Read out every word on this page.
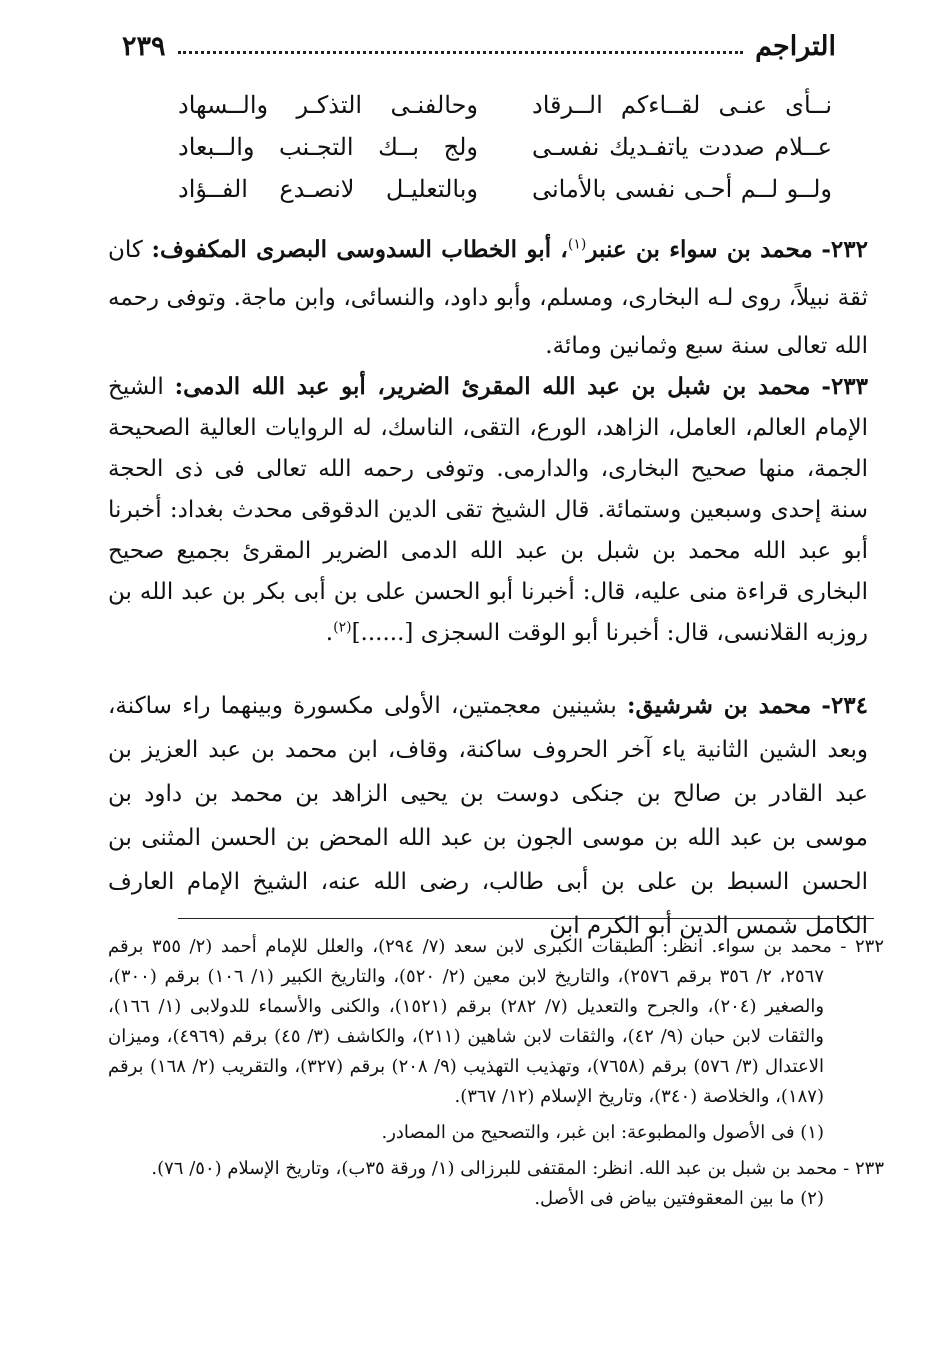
التراجم
٢٣٩
نــأى عنـى لقــاءكم الــرقاد
وحالفنـى التذكـر والــسهاد
عــلام صددت ياتفـديك نفسـى
ولج بــك التجـنب والــبعاد
ولــو لــم أحـى نفسى بالأمانى
وبالتعليـل لانصـدع الفــؤاد

٢٣٢- محمد بن سواء بن عنبر$^{(١)}$، أبو الخطاب السدوسى البصرى المكفوف: كان ثقة نبيلاً، روى لـه البخارى، ومسلم، وأبو داود، والنسائى، وابن ماجة. وتوفى رحمه الله تعالى سنة سبع وثمانين ومائة.

٢٣٣- محمد بن شبل بن عبد الله المقرئ الضرير، أبو عبد الله الدمى: الشيخ الإمام العالم، العامل، الزاهد، الورع، التقى، الناسك، له الروايات العالية الصحيحة الجمة، منها صحيح البخارى، والدارمى. وتوفى رحمه الله تعالى فى ذى الحجة سنة إحدى وسبعين وستمائة. قال الشيخ تقى الدين الدقوقى محدث بغداد: أخبرنا أبو عبد الله محمد بن شبل بن عبد الله الدمى الضرير المقرئ بجميع صحيح البخارى قراءة منى عليه، قال: أخبرنا أبو الحسن على بن أبى بكر بن عبد الله بن روزبه القلانسى، قال: أخبرنا أبو الوقت السجزى [......]$^{(٢)}$.

٢٣٤- محمد بن شرشيق: بشينين معجمتين، الأولى مكسورة وبينهما راء ساكنة، وبعد الشين الثانية ياء آخر الحروف ساكنة، وقاف، ابن محمد بن عبد العزيز بن عبد القادر بن صالح بن جنكى دوست بن يحيى الزاهد بن محمد بن داود بن موسى بن عبد الله بن موسى الجون بن عبد الله المحض بن الحسن المثنى بن الحسن السبط بن على بن أبى طالب، رضى الله عنه، الشيخ الإمام العارف الكامل شمس الدين أبو الكرم ابن

٢٣٢ - محمد بن سواء. انظر: الطبقات الكبرى لابن سعد (٧/ ٢٩٤)، والعلل للإمام أحمد (٢/ ٣٥٥ برقم ٢٥٦٧، ٢/ ٣٥٦ برقم ٢٥٧٦)، والتاريخ لابن معين (٢/ ٥٢٠)، والتاريخ الكبير (١/ ١٠٦) برقم (٣٠٠)، والصغير (٢٠٤)، والجرح والتعديل (٧/ ٢٨٢) برقم (١٥٢١)، والكنى والأسماء للدولابى (١/ ١٦٦)، والثقات لابن حبان (٩/ ٤٢)، والثقات لابن شاهين (٢١١)، والكاشف (٣/ ٤٥) برقم (٤٩٦٩)، وميزان الاعتدال (٣/ ٥٧٦) برقم (٧٦٥٨)، وتهذيب التهذيب (٩/ ٢٠٨) برقم (٣٢٧)، والتقريب (٢/ ١٦٨) برقم (١٨٧)، والخلاصة (٣٤٠)، وتاريخ الإسلام (١٢/ ٣٦٧).

(١) فى الأصول والمطبوعة: ابن غبر، والتصحيح من المصادر.

٢٣٣ - محمد بن شبل بن عبد الله. انظر: المقتفى للبرزالى (١/ ورقة ٣٥ب)، وتاريخ الإسلام (٥٠/ ٧٦).

(٢) ما بين المعقوفتين بياض فى الأصل.
